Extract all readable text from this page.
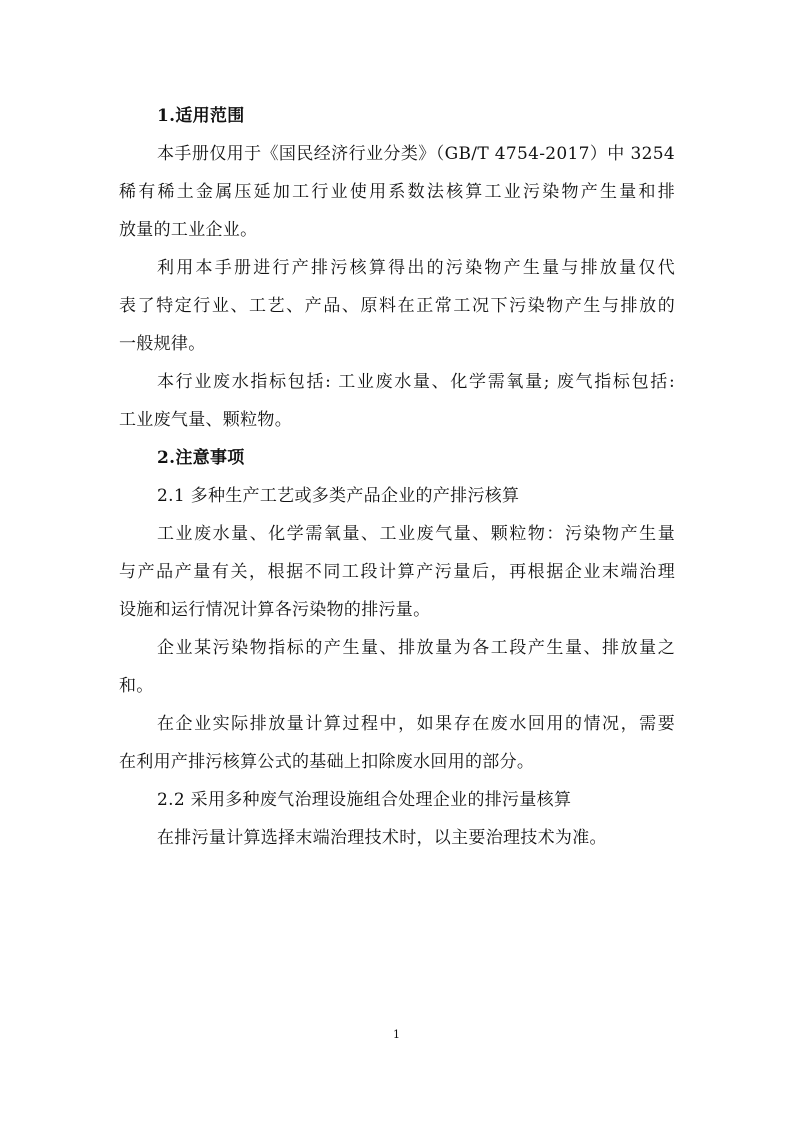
1.适用范围

本手册仅用于《国民经济行业分类》（GB/T 4754-2017）中 3254

稀有稀土金属压延加工行业使用系数法核算工业污染物产生量和排

放量的工业企业。

利用本手册进行产排污核算得出的污染物产生量与排放量仅代

表了特定行业、工艺、产品、原料在正常工况下污染物产生与排放的

一般规律。

本行业废水指标包括: 工业废水量、化学需氧量; 废气指标包括:

工业废气量、颗粒物。

2.注意事项

2.1 多种生产工艺或多类产品企业的产排污核算

工业废水量、化学需氧量、工业废气量、颗粒物：污染物产生量

与产品产量有关，根据不同工段计算产污量后，再根据企业末端治理

设施和运行情况计算各污染物的排污量。

企业某污染物指标的产生量、排放量为各工段产生量、排放量之

和。

在企业实际排放量计算过程中，如果存在废水回用的情况，需要

在利用产排污核算公式的基础上扣除废水回用的部分。

2.2 采用多种废气治理设施组合处理企业的排污量核算

在排污量计算选择末端治理技术时，以主要治理技术为准。

1
